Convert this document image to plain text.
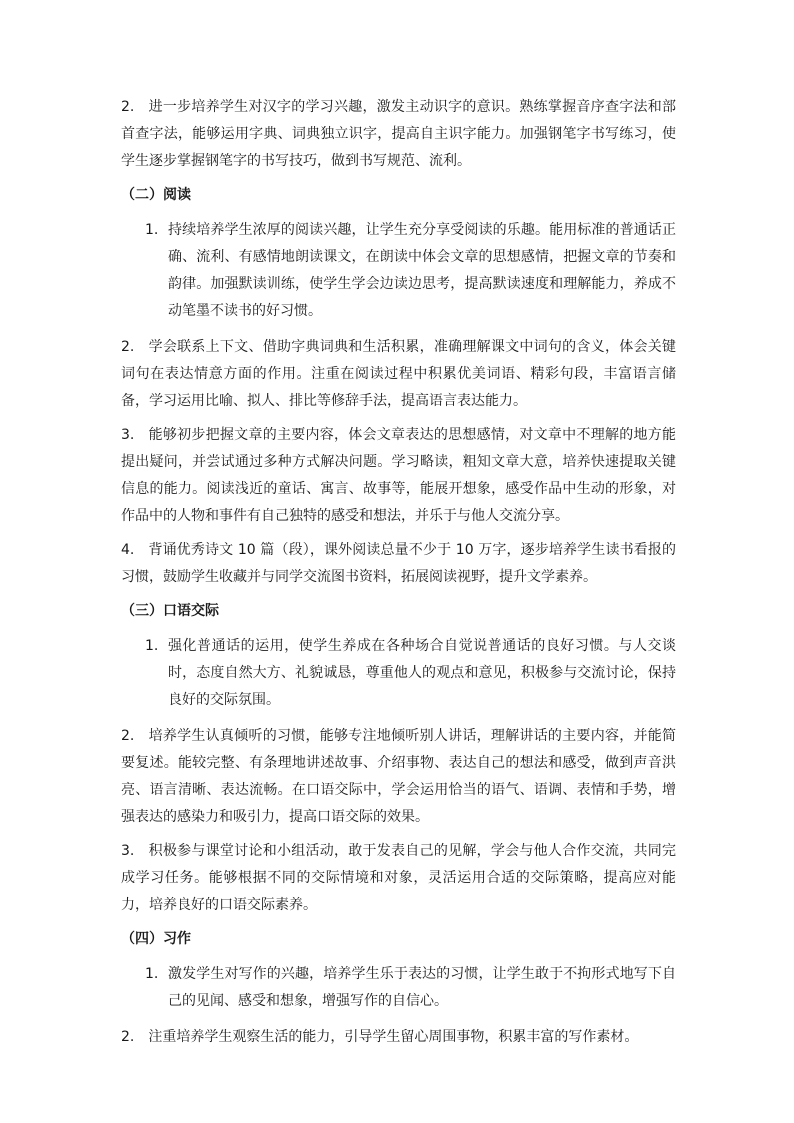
2. 进一步培养学生对汉字的学习兴趣，激发主动识字的意识。熟练掌握音序查字法和部首查字法，能够运用字典、词典独立识字，提高自主识字能力。加强钢笔字书写练习，使学生逐步掌握钢笔字的书写技巧，做到书写规范、流利。

（二）阅读

1. 持续培养学生浓厚的阅读兴趣，让学生充分享受阅读的乐趣。能用标准的普通话正确、流利、有感情地朗读课文，在朗读中体会文章的思想感情，把握文章的节奏和韵律。加强默读训练，使学生学会边读边思考，提高默读速度和理解能力，养成不动笔墨不读书的好习惯。

2. 学会联系上下文、借助字典词典和生活积累，准确理解课文中词句的含义，体会关键词句在表达情意方面的作用。注重在阅读过程中积累优美词语、精彩句段，丰富语言储备，学习运用比喻、拟人、排比等修辞手法，提高语言表达能力。

3. 能够初步把握文章的主要内容，体会文章表达的思想感情，对文章中不理解的地方能提出疑问，并尝试通过多种方式解决问题。学习略读，粗知文章大意，培养快速提取关键信息的能力。阅读浅近的童话、寓言、故事等，能展开想象，感受作品中生动的形象，对作品中的人物和事件有自己独特的感受和想法，并乐于与他人交流分享。

4. 背诵优秀诗文 10 篇（段），课外阅读总量不少于 10 万字，逐步培养学生读书看报的习惯，鼓励学生收藏并与同学交流图书资料，拓展阅读视野，提升文学素养。

（三）口语交际

1. 强化普通话的运用，使学生养成在各种场合自觉说普通话的良好习惯。与人交谈时，态度自然大方、礼貌诚恳，尊重他人的观点和意见，积极参与交流讨论，保持良好的交际氛围。

2. 培养学生认真倾听的习惯，能够专注地倾听别人讲话，理解讲话的主要内容，并能简要复述。能较完整、有条理地讲述故事、介绍事物、表达自己的想法和感受，做到声音洪亮、语言清晰、表达流畅。在口语交际中，学会运用恰当的语气、语调、表情和手势，增强表达的感染力和吸引力，提高口语交际的效果。

3. 积极参与课堂讨论和小组活动，敢于发表自己的见解，学会与他人合作交流，共同完成学习任务。能够根据不同的交际情境和对象，灵活运用合适的交际策略，提高应对能力，培养良好的口语交际素养。

（四）习作

1. 激发学生对写作的兴趣，培养学生乐于表达的习惯，让学生敢于不拘形式地写下自己的见闻、感受和想象，增强写作的自信心。

2. 注重培养学生观察生活的能力，引导学生留心周围事物，积累丰富的写作素材。
